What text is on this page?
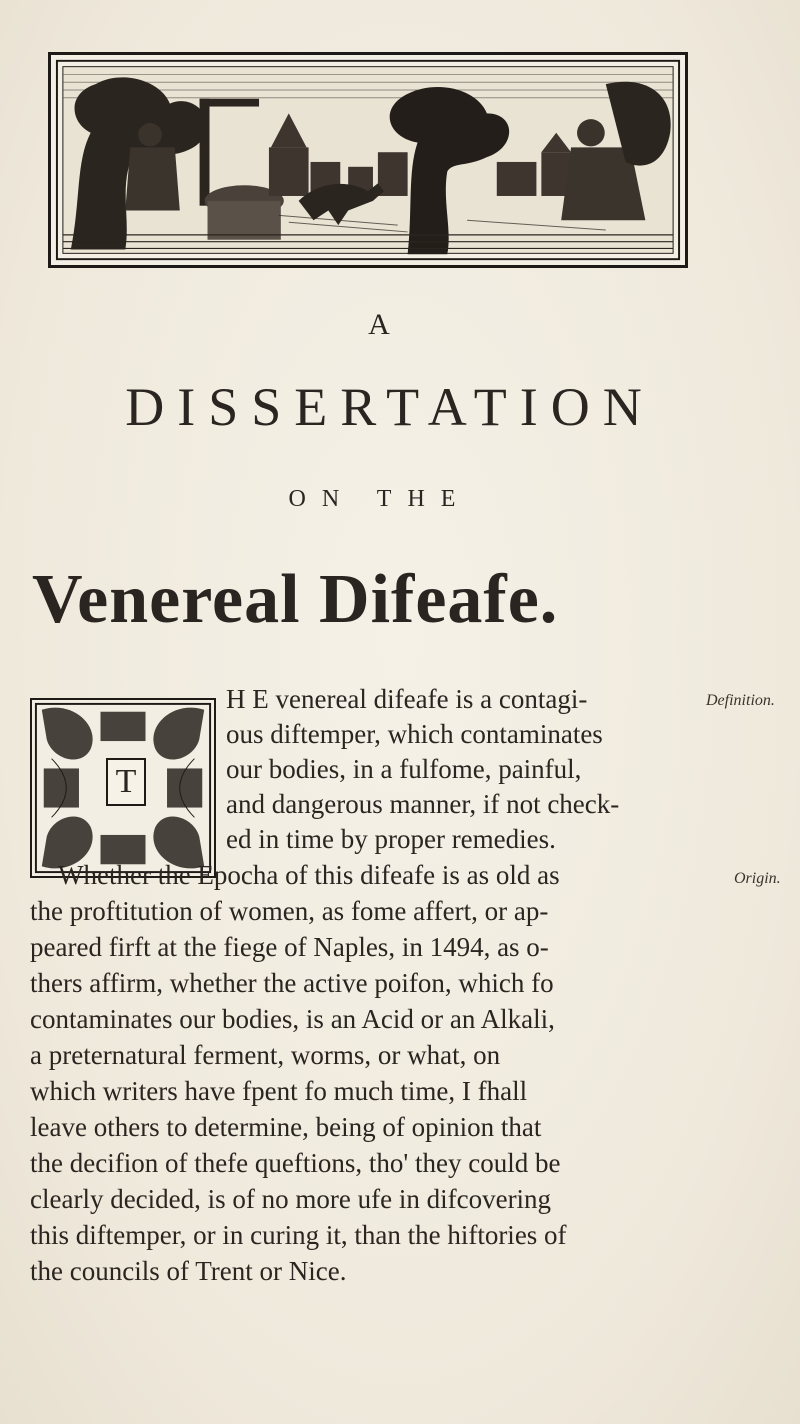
A
DISSERTATION
ON THE
Venereal Difeafe.
T
H E venereal difeafe is a contagi-
ous diftemper, which contaminates
our bodies, in a fulfome, painful,
and dangerous manner, if not check-
ed in time by proper remedies.
Whether the Epocha of this difeafe is as old as
the proftitution of women, as fome affert, or ap-
peared firft at the fiege of Naples, in 1494, as o-
thers affirm, whether the active poifon, which fo
contaminates our bodies, is an Acid or an Alkali,
a preternatural ferment, worms, or what, on
which writers have fpent fo much time, I fhall
leave others to determine, being of opinion that
the decifion of thefe queftions, tho' they could be
clearly decided, is of no more ufe in difcovering
this diftemper, or in curing it, than the hiftories of
the councils of Trent or Nice.
Definition.
Origin.
